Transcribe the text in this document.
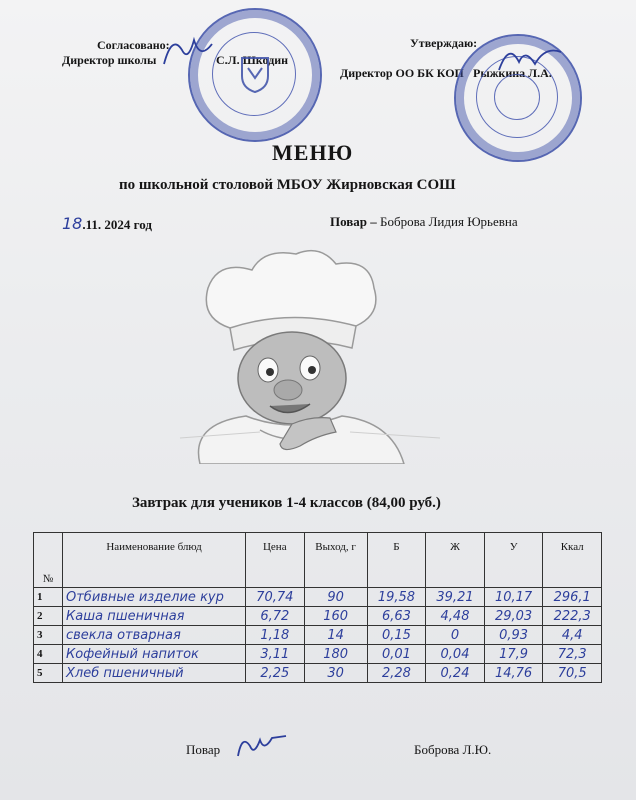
Согласовано:
Директор школы	С.Л. Шкодин
Утверждаю:
Директор ОО БК КОП Рыжкина Л.А.
МЕНЮ
по школьной столовой МБОУ Жирновская СОШ
18.11. 2024 год	Повар – Боброва Лидия Юрьевна
Завтрак для учеников 1-4 классов (84,00 руб.)
№	Наименование блюд	Цена	Выход, г	Б	Ж	У	Ккал
1	Отбивные изделие кур	70,74	90	19,58	39,21	10,17	296,1
2	Каша пшеничная	6,72	160	6,63	4,48	29,03	222,3
3	свекла отварная	1,18	14	0,15	0	0,93	4,4
4	Кофейный напиток	3,11	180	0,01	0,04	17,9	72,3
5	Хлеб пшеничный	2,25	30	2,28	0,24	14,76	70,5
Повар	Боброва Л.Ю.
